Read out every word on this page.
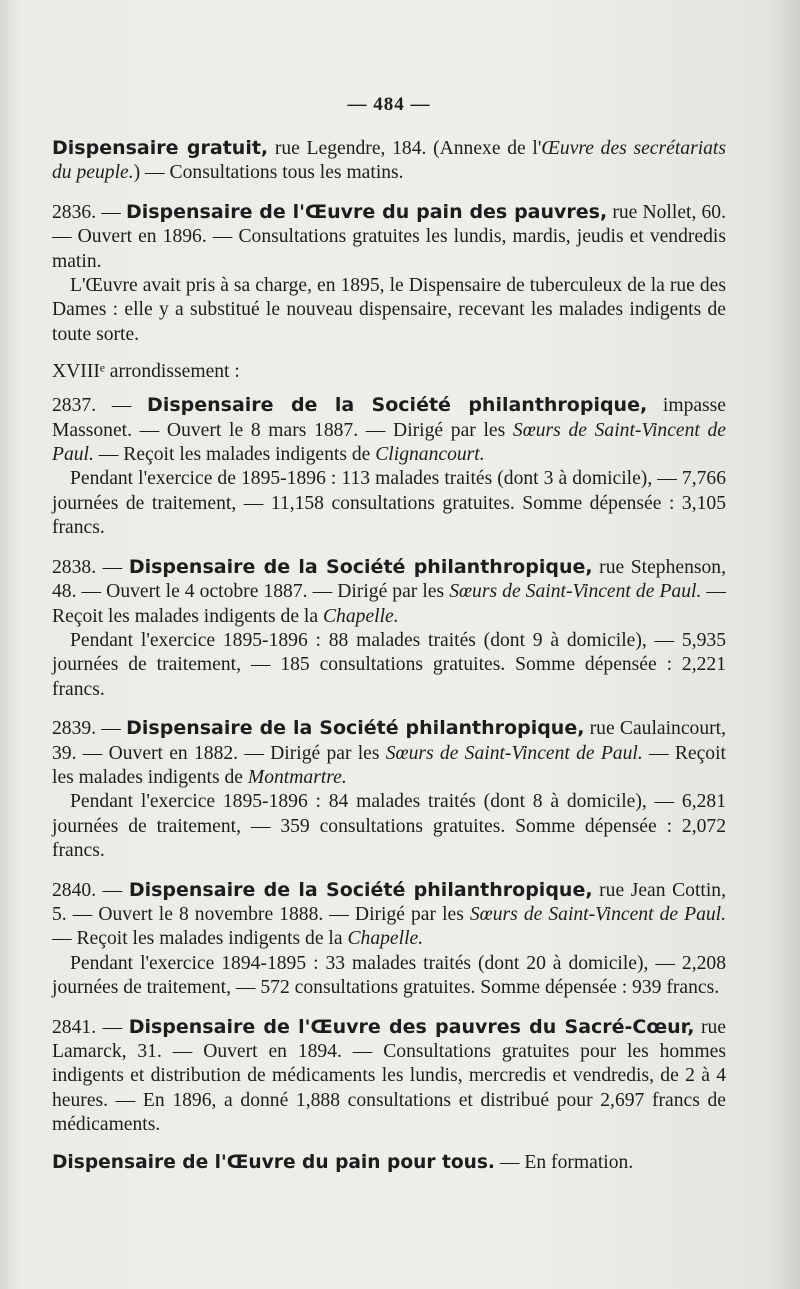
— 484 —

Dispensaire gratuit, rue Legendre, 184. (Annexe de l'Œuvre des secrétariats du peuple.) — Consultations tous les matins.

2836. — Dispensaire de l'Œuvre du pain des pauvres, rue Nollet, 60. — Ouvert en 1896. — Consultations gratuites les lundis, mardis, jeudis et vendredis matin.

L'Œuvre avait pris à sa charge, en 1895, le Dispensaire de tuberculeux de la rue des Dames : elle y a substitué le nouveau dispensaire, recevant les malades indigents de toute sorte.

XVIIIᵉ arrondissement :

2837. — Dispensaire de la Société philanthropique, impasse Massonet. — Ouvert le 8 mars 1887. — Dirigé par les Sœurs de Saint-Vincent de Paul. — Reçoit les malades indigents de Clignancourt.

Pendant l'exercice de 1895-1896 : 113 malades traités (dont 3 à domicile), — 7,766 journées de traitement, — 11,158 consultations gratuites. Somme dépensée : 3,105 francs.

2838. — Dispensaire de la Société philanthropique, rue Stephenson, 48. — Ouvert le 4 octobre 1887. — Dirigé par les Sœurs de Saint-Vincent de Paul. — Reçoit les malades indigents de la Chapelle.

Pendant l'exercice 1895-1896 : 88 malades traités (dont 9 à domicile), — 5,935 journées de traitement, — 185 consultations gratuites. Somme dépensée : 2,221 francs.

2839. — Dispensaire de la Société philanthropique, rue Caulaincourt, 39. — Ouvert en 1882. — Dirigé par les Sœurs de Saint-Vincent de Paul. — Reçoit les malades indigents de Montmartre.

Pendant l'exercice 1895-1896 : 84 malades traités (dont 8 à domicile), — 6,281 journées de traitement, — 359 consultations gratuites. Somme dépensée : 2,072 francs.

2840. — Dispensaire de la Société philanthropique, rue Jean Cottin, 5. — Ouvert le 8 novembre 1888. — Dirigé par les Sœurs de Saint-Vincent de Paul. — Reçoit les malades indigents de la Chapelle.

Pendant l'exercice 1894-1895 : 33 malades traités (dont 20 à domicile), — 2,208 journées de traitement, — 572 consultations gratuites. Somme dépensée : 939 francs.

2841. — Dispensaire de l'Œuvre des pauvres du Sacré-Cœur, rue Lamarck, 31. — Ouvert en 1894. — Consultations gratuites pour les hommes indigents et distribution de médicaments les lundis, mercredis et vendredis, de 2 à 4 heures. — En 1896, a donné 1,888 consultations et distribué pour 2,697 francs de médicaments.

Dispensaire de l'Œuvre du pain pour tous. — En formation.
